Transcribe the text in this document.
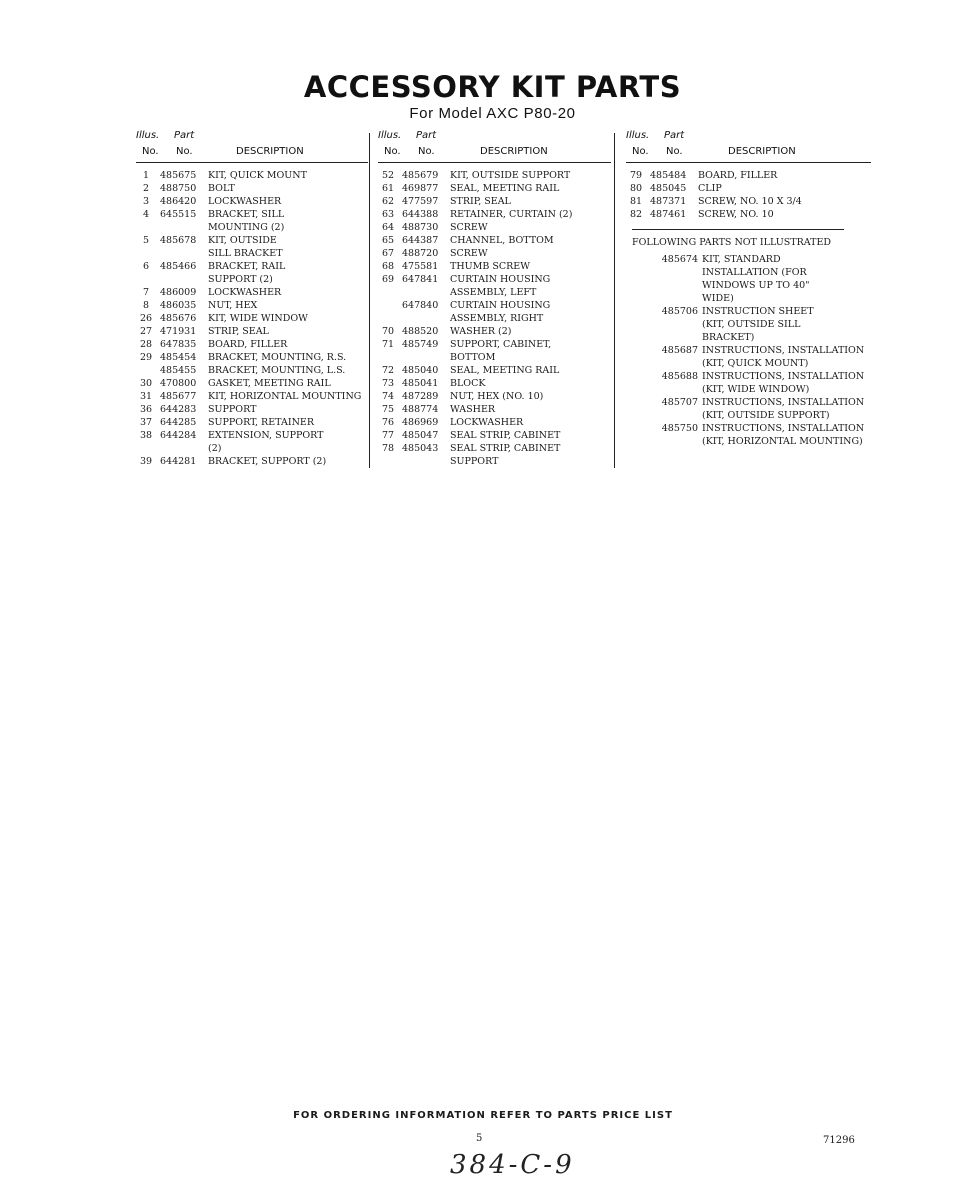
ACCESSORY KIT PARTS
For Model AXC P80-20
Illus. Part
No. No.	DESCRIPTION
1	485675	KIT, QUICK MOUNT
2	488750	BOLT
3	486420	LOCKWASHER
4	645515	BRACKET, SILL
MOUNTING (2)
5	485678	KIT, OUTSIDE
SILL BRACKET
6	485466	BRACKET, RAIL
SUPPORT (2)
7	486009	LOCKWASHER
8	486035	NUT, HEX
26 485676	KIT, WIDE WINDOW
27 471931	STRIP, SEAL
28 647835	BOARD, FILLER
29 485454	BRACKET, MOUNTING, R.S.
485455	BRACKET, MOUNTING, L.S.
30 470800	GASKET, MEETING RAIL
31 485677	KIT, HORIZONTAL MOUNTING
36 644283	SUPPORT
37 644285	SUPPORT, RETAINER
38 644284	EXTENSION, SUPPORT
(2)
39 644281	BRACKET, SUPPORT (2)
Illus. Part
No. No.	DESCRIPTION
52 485679	KIT, OUTSIDE SUPPORT
61 469877	SEAL, MEETING RAIL
62 477597	STRIP, SEAL
63 644388	RETAINER, CURTAIN (2)
64 488730	SCREW
65 644387	CHANNEL, BOTTOM
67 488720	SCREW
68 475581	THUMB SCREW
69 647841	CURTAIN HOUSING
ASSEMBLY, LEFT
647840	CURTAIN HOUSING
ASSEMBLY, RIGHT
70 488520	WASHER (2)
71 485749	SUPPORT, CABINET,
BOTTOM
72 485040	SEAL, MEETING RAIL
73 485041	BLOCK
74 487289	NUT, HEX (NO. 10)
75 488774	WASHER
76 486969	LOCKWASHER
77 485047	SEAL STRIP, CABINET
78 485043	SEAL STRIP, CABINET
SUPPORT
Illus. Part
No. No.	DESCRIPTION
79 485484	BOARD, FILLER
80 485045	CLIP
81 487371	SCREW, NO. 10 X 3/4
82 487461	SCREW, NO. 10
FOLLOWING PARTS NOT ILLUSTRATED
485674 KIT, STANDARD
INSTALLATION (FOR
WINDOWS UP TO 40"
WIDE)
485706 INSTRUCTION SHEET
(KIT, OUTSIDE SILL
BRACKET)
485687 INSTRUCTIONS, INSTALLATION
(KIT, QUICK MOUNT)
485688 INSTRUCTIONS, INSTALLATION
(KIT, WIDE WINDOW)
485707 INSTRUCTIONS, INSTALLATION
(KIT, OUTSIDE SUPPORT)
485750 INSTRUCTIONS, INSTALLATION
(KIT, HORIZONTAL MOUNTING)
FOR ORDERING INFORMATION REFER TO PARTS PRICE LIST
5	71296
384-C-9
